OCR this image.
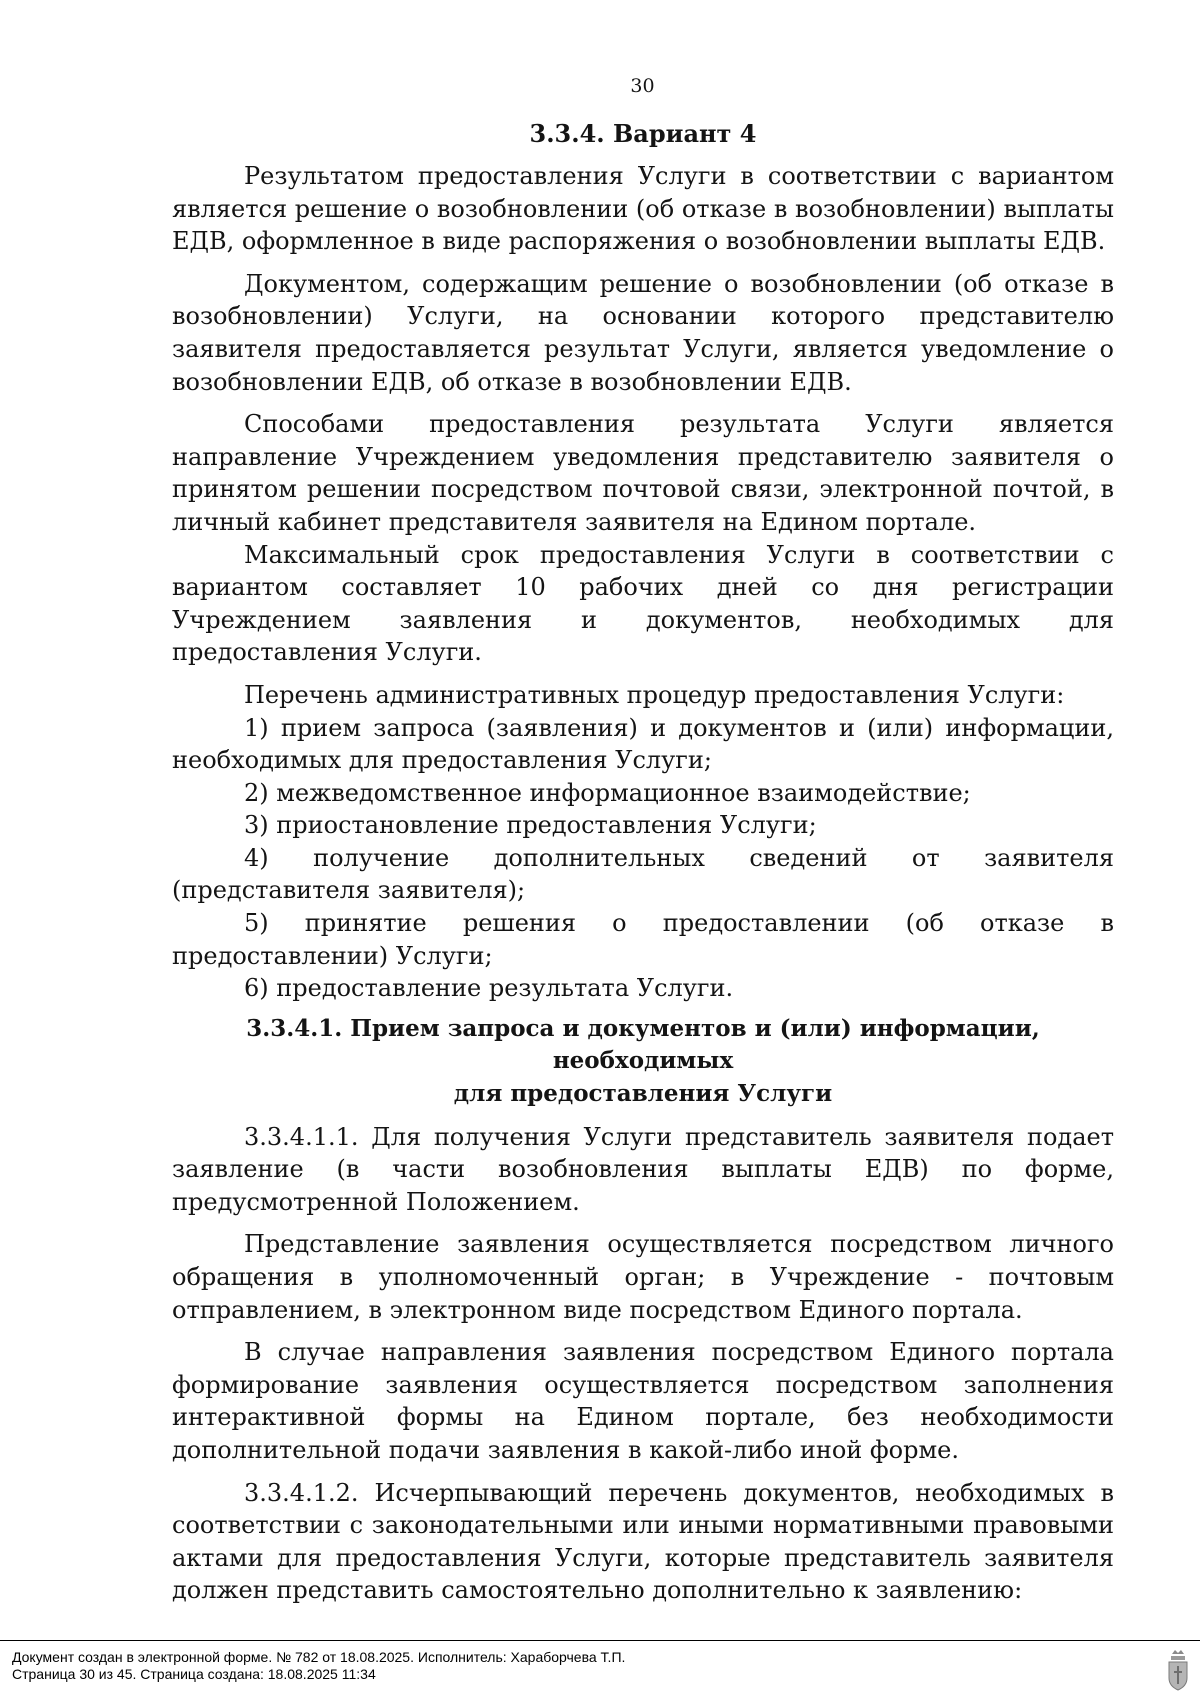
30
3.3.4. Вариант 4

Результатом предоставления Услуги в соответствии с вариантом является решение о возобновлении (об отказе в возобновлении) выплаты ЕДВ, оформленное в виде распоряжения о возобновлении выплаты ЕДВ.

Документом, содержащим решение о возобновлении (об отказе в возобновлении) Услуги, на основании которого представителю заявителя предоставляется результат Услуги, является уведомление о возобновлении ЕДВ, об отказе в возобновлении ЕДВ.

Способами предоставления результата Услуги является направление Учреждением уведомления представителю заявителя о принятом решении посредством почтовой связи, электронной почтой, в личный кабинет представителя заявителя на Едином портале.

Максимальный срок предоставления Услуги в соответствии с вариантом составляет 10 рабочих дней со дня регистрации Учреждением заявления и документов, необходимых для предоставления Услуги.

Перечень административных процедур предоставления Услуги:

1) прием запроса (заявления) и документов и (или) информации, необходимых для предоставления Услуги;

2) межведомственное информационное взаимодействие;

3) приостановление предоставления Услуги;

4) получение дополнительных сведений от заявителя (представителя заявителя);

5) принятие решения о предоставлении (об отказе в предоставлении) Услуги;

6) предоставление результата Услуги.

3.3.4.1. Прием запроса и документов и (или) информации, необходимых
для предоставления Услуги

3.3.4.1.1. Для получения Услуги представитель заявителя подает заявление (в части возобновления выплаты ЕДВ) по форме, предусмотренной Положением.

Представление заявления осуществляется посредством личного обращения в уполномоченный орган; в Учреждение - почтовым отправлением, в электронном виде посредством Единого портала.

В случае направления заявления посредством Единого портала формирование заявления осуществляется посредством заполнения интерактивной формы на Едином портале, без необходимости дополнительной подачи заявления в какой-либо иной форме.

3.3.4.1.2. Исчерпывающий перечень документов, необходимых в соответствии с законодательными или иными нормативными правовыми актами для предоставления Услуги, которые представитель заявителя должен представить самостоятельно дополнительно к заявлению:

Документ создан в электронной форме. № 782 от 18.08.2025. Исполнитель: Хараборчева Т.П.
Страница 30 из 45. Страница создана: 18.08.2025 11:34
